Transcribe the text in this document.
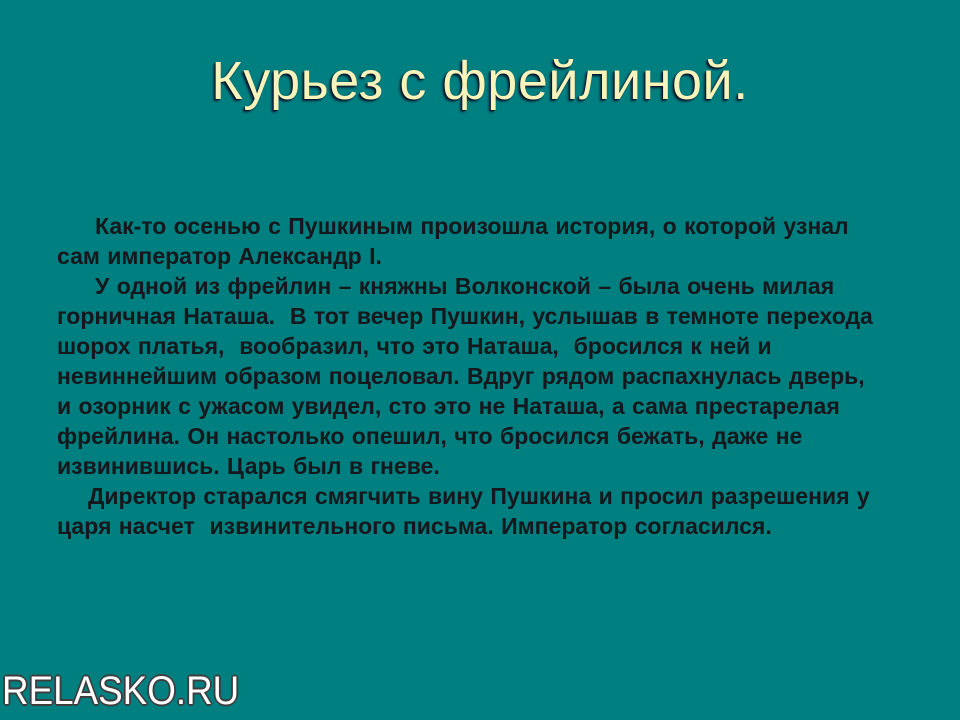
Курьез с фрейлиной.
Как-то осенью с Пушкиным произошла история, о которой узнал
сам император Александр I.
У одной из фрейлин – княжны Волконской – была очень милая
горничная Наташа.  В тот вечер Пушкин, услышав в темноте перехода
шорох платья,  вообразил, что это Наташа,  бросился к ней и
невиннейшим образом поцеловал. Вдруг рядом распахнулась дверь,
и озорник с ужасом увидел, сто это не Наташа, а сама престарелая
фрейлина. Он настолько опешил, что бросился бежать, даже не
извинившись. Царь был в гневе.
Директор старался смягчить вину Пушкина и просил разрешения у
царя насчет  извинительного письма. Император согласился.
RELASKO.RU
